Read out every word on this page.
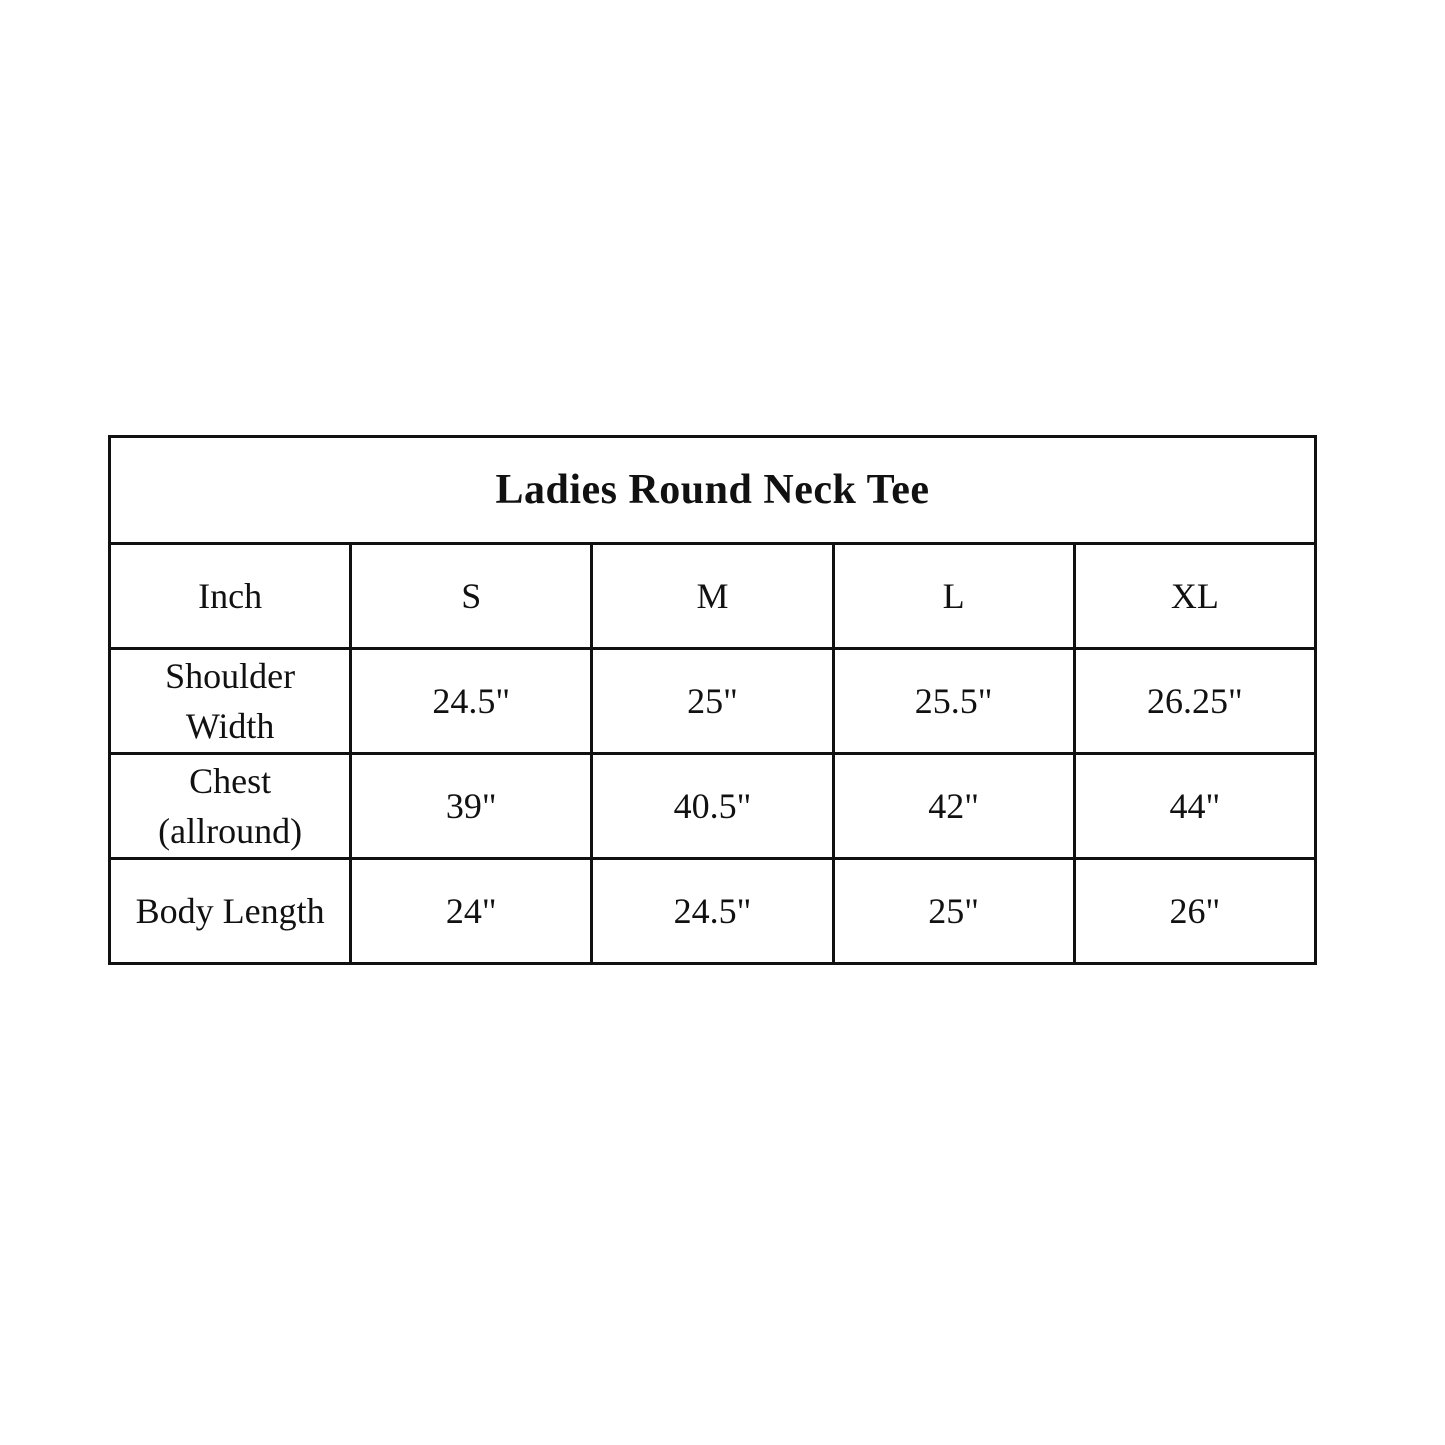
Ladies Round Neck Tee				
Inch	S	M	L	XL
Shoulder
Width	24.5"	25"	25.5"	26.25"
Chest
(allround)	39"	40.5"	42"	44"
Body Length	24"	24.5"	25"	26"
